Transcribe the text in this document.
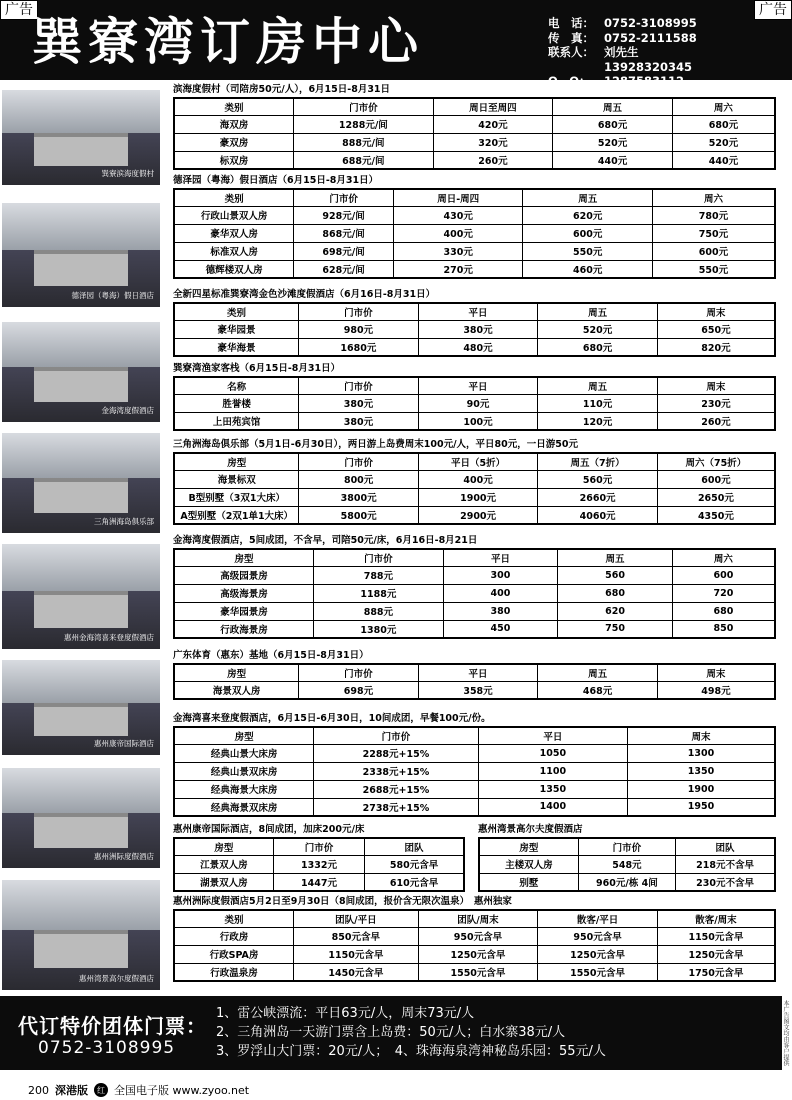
广告	广告
巽寮湾订房中心	电　话： 0752-3108995
传　真： 0752-2111588
联系人： 刘先生
13928320345
Q　Q：	1287583112
巽寮滨海度假村
德泽园（粤海）假日酒店
金海湾度假酒店
三角洲海岛俱乐部
惠州金海湾喜来登度假酒店
惠州康帝国际酒店
惠州洲际度假酒店
惠州湾景高尔度假酒店
滨海度假村（司陪房50元/人），6月15日-8月31日
类别	门市价	周日至周四	周五	周六
海双房	1288元/间	420元	680元	680元
豪双房	888元/间	320元	520元	520元
标双房	688元/间	260元	440元	440元
德泽园（粤海）假日酒店（6月15日-8月31日）
类别	门市价	周日-周四	周五	周六
行政山景双人房	928元/间	430元	620元	780元
豪华双人房	868元/间	400元	600元	750元
标准双人房	698元/间	330元	550元	600元
德辉楼双人房	628元/间	270元	460元	550元
全新四星标准巽寮湾金色沙滩度假酒店（6月16日-8月31日）
类别	门市价	平日	周五	周末
豪华园景	980元	380元	520元	650元
豪华海景	1680元	480元	680元	820元
巽寮湾渔家客栈（6月15日-8月31日）
名称	门市价	平日	周五	周末
胜誉楼	380元	90元	110元	230元
上田苑宾馆	380元	100元	120元	260元
三角洲海岛俱乐部（5月1日-6月30日），两日游上岛费周末100元/人，平日80元，一日游50元
房型	门市价	平日（5折）	周五（7折）	周六（75折）
海景标双	800元	400元	560元	600元
B型别墅（3双1大床）	3800元	1900元	2660元	2650元
A型别墅（2双1单1大床）	5800元	2900元	4060元	4350元
金海湾度假酒店，5间成团，不含早，司陪50元/床，6月16日-8月21日
房型	门市价	平日	周五	周六
高级园景房	788元	300	560	600
高级海景房	1188元	400	680	720
豪华园景房	888元	380	620	680
行政海景房	1380元	450	750	850
广东体育（惠东）基地（6月15日-8月31日）
房型	门市价	平日	周五	周末
海景双人房	698元	358元	468元	498元
金海湾喜来登度假酒店，6月15日-6月30日，10间成团，早餐100元/份。
房型	门市价	平日	周末
经典山景大床房	2288元+15%	1050	1300
经典山景双床房	2338元+15%	1100	1350
经典海景大床房	2688元+15%	1350	1900
经典海景双床房	2738元+15%	1400	1950
惠州洲际度假酒店5月2日至9月30日（8间成团，报价含无限次温泉）　惠州独家
类别	团队/平日	团队/周末	散客/平日	散客/周末
行政房	850元含早	950元含早	950元含早	1150元含早
行政SPA房	1150元含早	1250元含早	1250元含早	1250元含早
行政温泉房	1450元含早	1550元含早	1550元含早	1750元含早
惠州康帝国际酒店，8间成团，加床200元/床
房型	门市价	团队
江景双人房	1332元	580元含早
湖景双人房	1447元	610元含早
惠州湾景高尔夫度假酒店
房型	门市价	团队
主楼双人房	548元	218元不含早
别墅	960元/栋 4间	230元不含早
代订特价团体门票：
0752-3108995
1、雷公峡漂流：平日63元/人，周末73元/人
2、三角洲岛一天游门票含上岛费：50元/人；白水寨38元/人
3、罗浮山大门票：20元/人；　4、珠海海泉湾神秘岛乐园：55元/人	本广告图文均由客户提供
200 深港版	红 全国电子版 www.zyoo.net
